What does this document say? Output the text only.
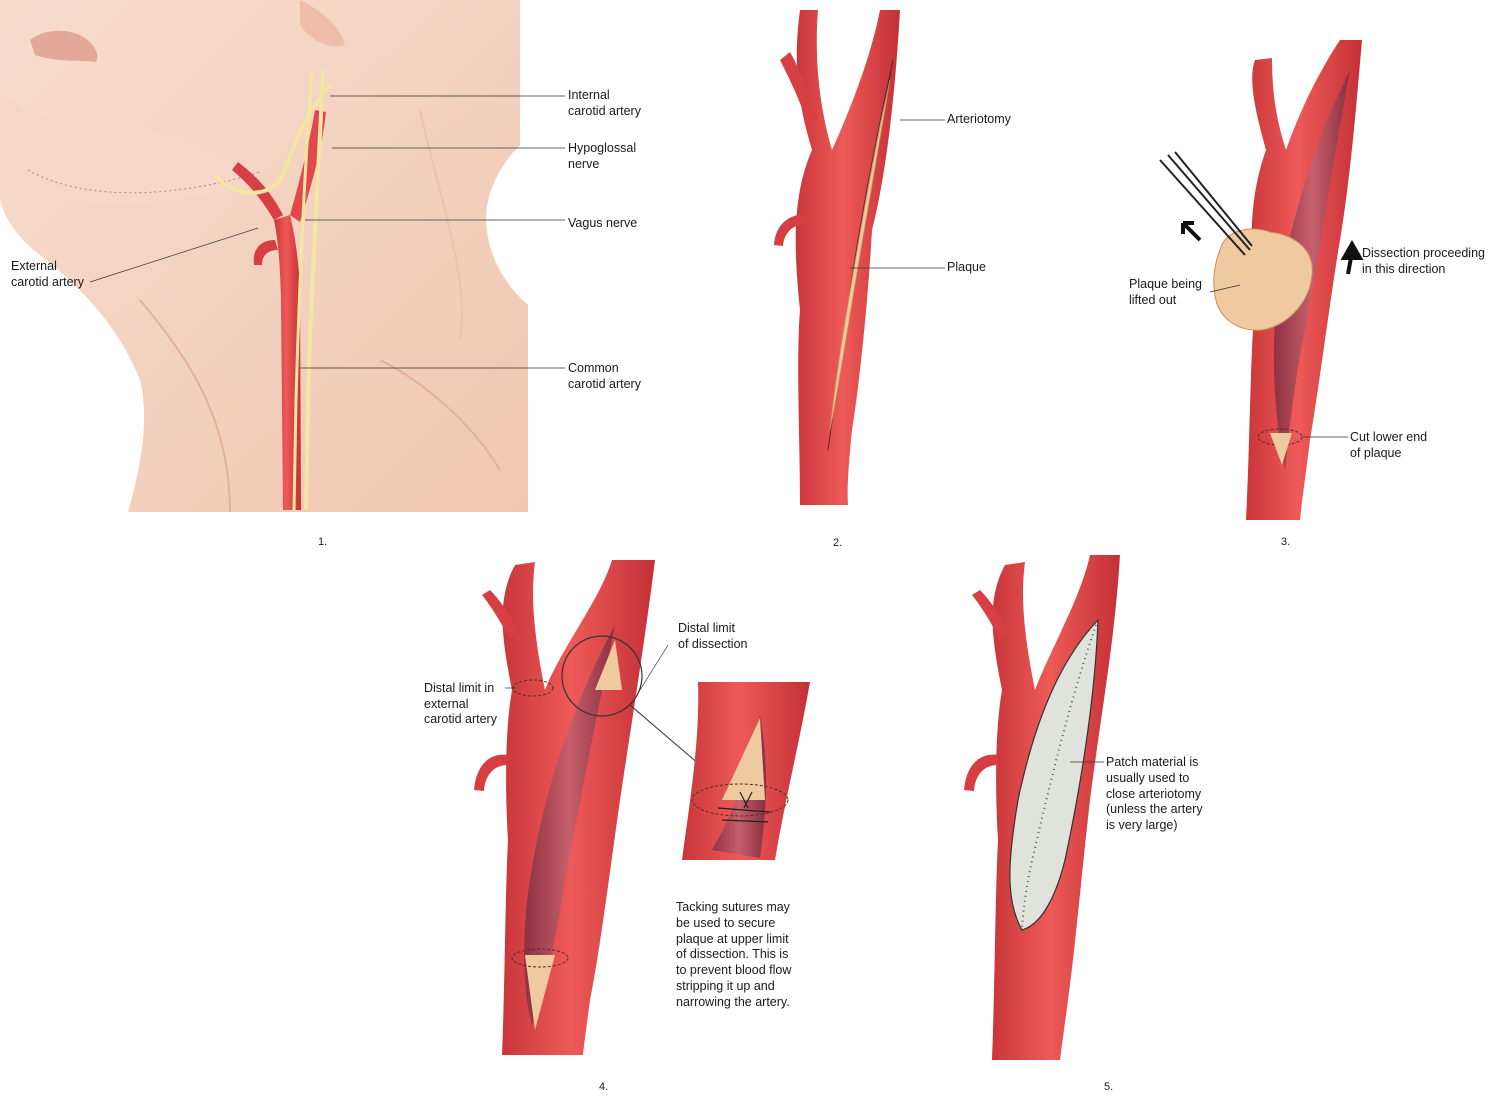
Internal
carotid artery
Hypoglossal
nerve
Vagus nerve
External
carotid artery
Common
carotid artery
1.
Arteriotomy
Plaque
2.
Dissection proceeding
in this direction
Plaque being
lifted out
Cut lower end
of plaque
3.
Distal limit
of dissection
Distal limit in
external
carotid artery
Tacking sutures may
be used to secure
plaque at upper limit
of dissection. This is
to prevent blood flow
stripping it up and
narrowing the artery.
4.
Patch material is
usually used to
close arteriotomy
(unless the artery
is very large)
5.
